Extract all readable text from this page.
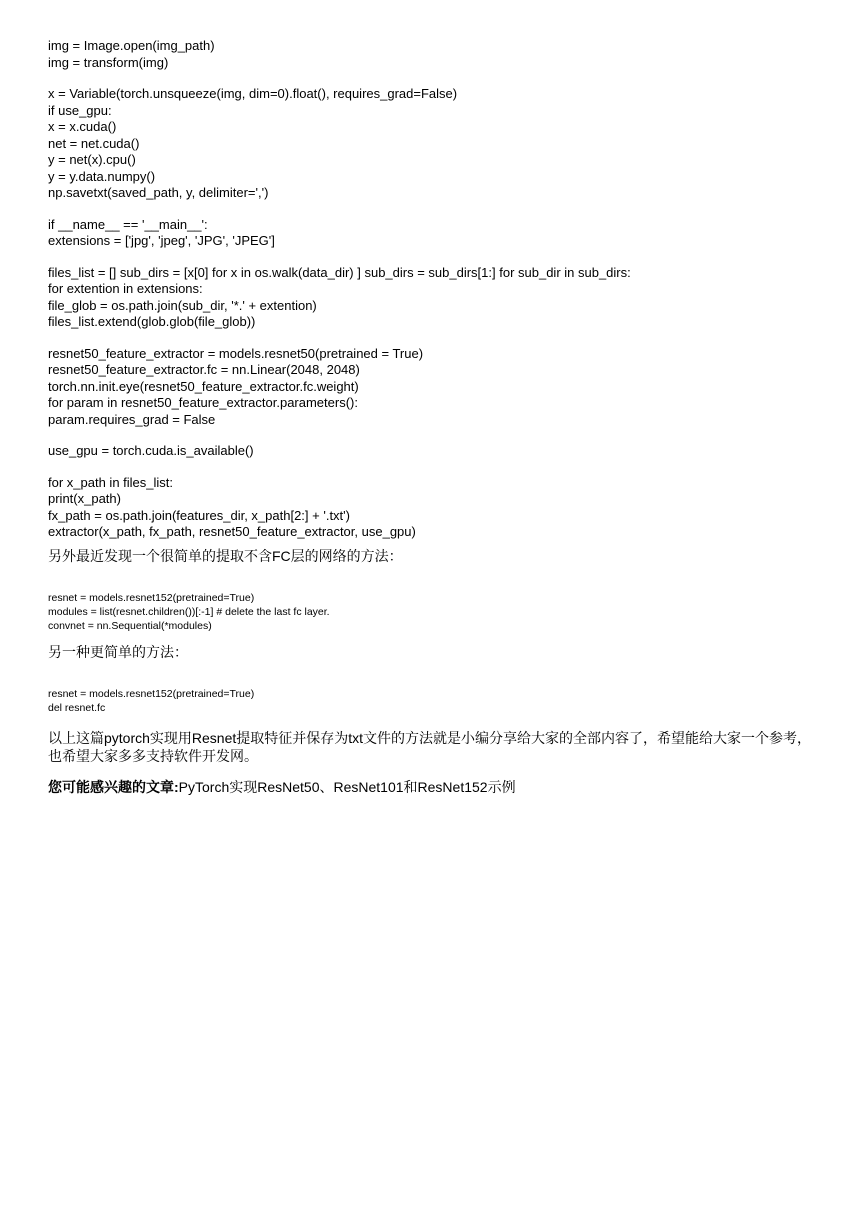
img = Image.open(img_path)
img = transform(img)
x = Variable(torch.unsqueeze(img, dim=0).float(), requires_grad=False)
if use_gpu:
x = x.cuda()
net = net.cuda()
y = net(x).cpu()
y = y.data.numpy()
np.savetxt(saved_path, y, delimiter=',')
if __name__ == '__main__':
extensions = ['jpg', 'jpeg', 'JPG', 'JPEG']
files_list = [] sub_dirs = [x[0] for x in os.walk(data_dir) ] sub_dirs = sub_dirs[1:] for sub_dir in sub_dirs:
for extention in extensions:
file_glob = os.path.join(sub_dir, '*.' + extention)
files_list.extend(glob.glob(file_glob))
resnet50_feature_extractor = models.resnet50(pretrained = True)
resnet50_feature_extractor.fc = nn.Linear(2048, 2048)
torch.nn.init.eye(resnet50_feature_extractor.fc.weight)
for param in resnet50_feature_extractor.parameters():
param.requires_grad = False
use_gpu = torch.cuda.is_available()
for x_path in files_list:
print(x_path)
fx_path = os.path.join(features_dir, x_path[2:] + '.txt')
extractor(x_path, fx_path, resnet50_feature_extractor, use_gpu)
另外最近发现一个很简单的提取不含FC层的网络的方法：
resnet = models.resnet152(pretrained=True)
modules = list(resnet.children())[:-1] # delete the last fc layer.
convnet = nn.Sequential(*modules)
另一种更简单的方法：
resnet = models.resnet152(pretrained=True)
del resnet.fc
以上这篇pytorch实现用Resnet提取特征并保存为txt文件的方法就是小编分享给大家的全部内容了，希望能给大家一个参考，
也希望大家多多支持软件开发网。
您可能感兴趣的文章:PyTorch实现ResNet50、ResNet101和ResNet152示例
